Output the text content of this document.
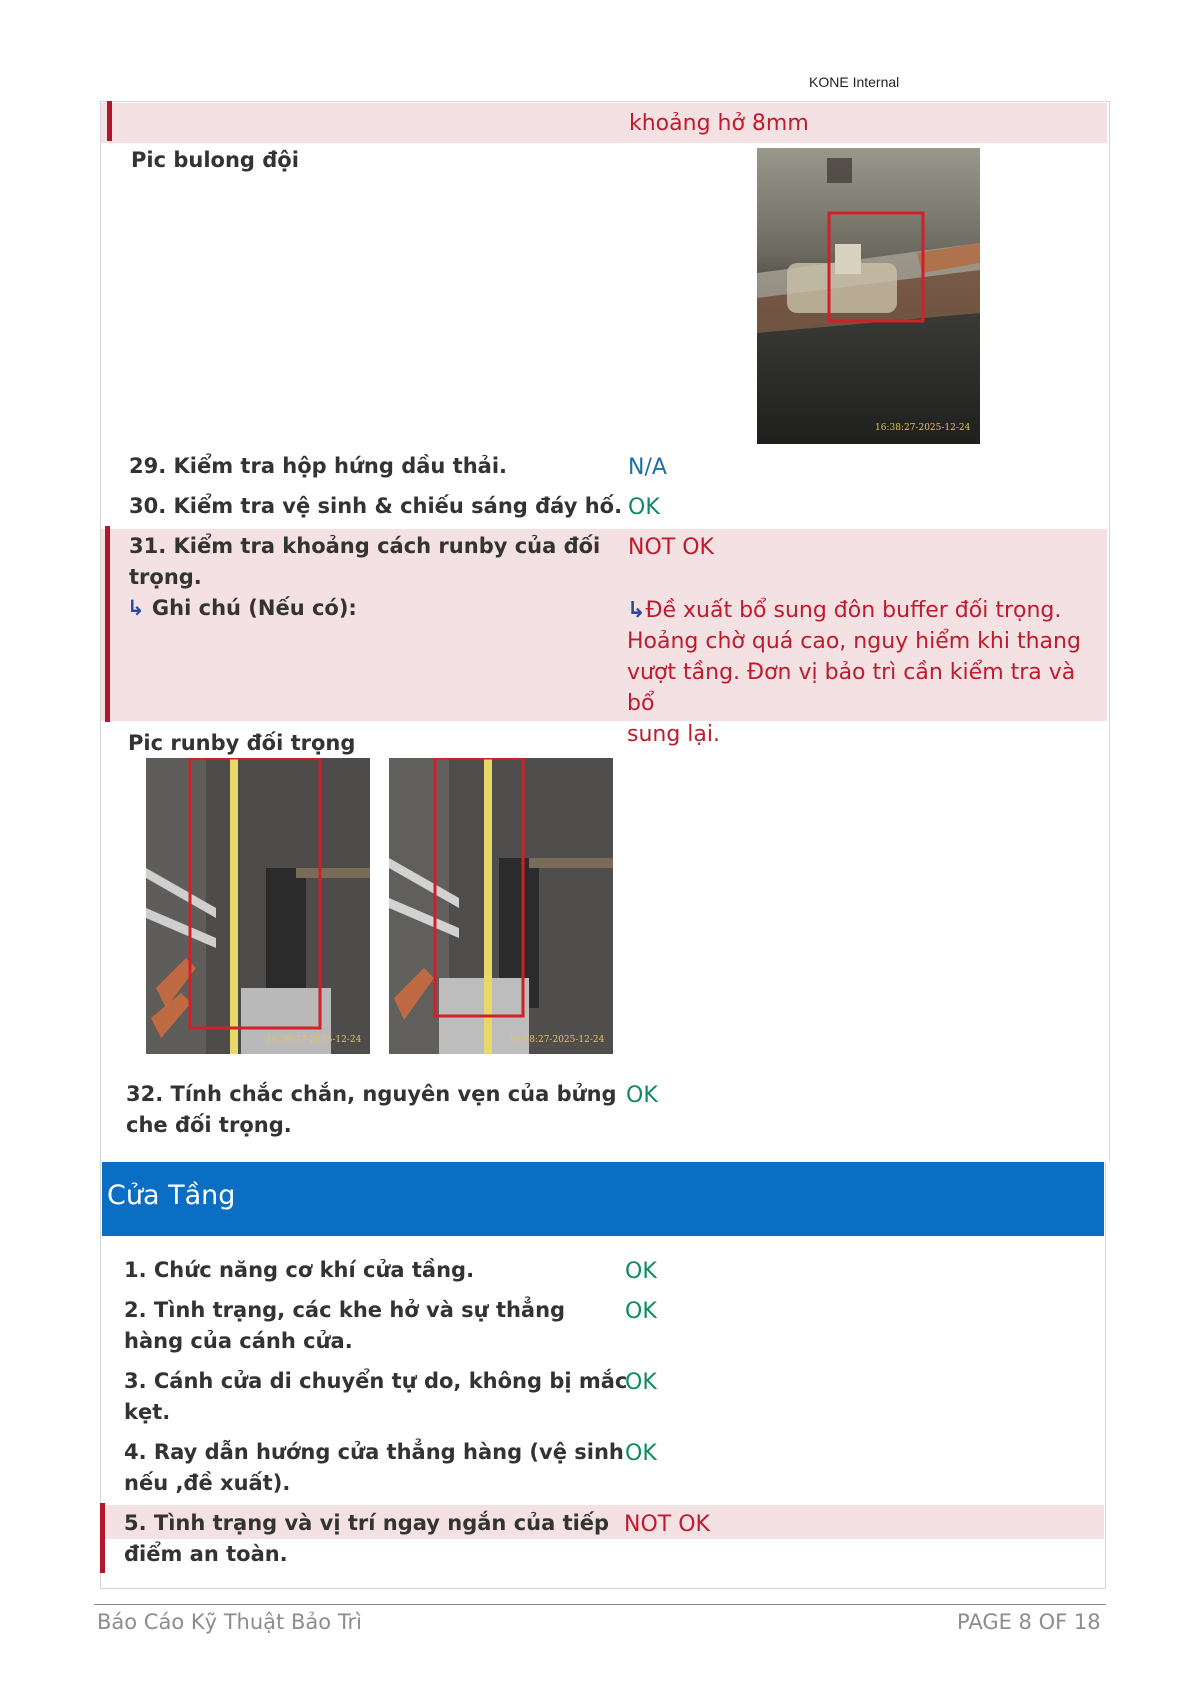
KONE Internal
khoảng hở 8mm
Pic bulong đội
16:38:27-2025-12-24
29. Kiểm tra hộp hứng dầu thải.	N/A
30. Kiểm tra vệ sinh & chiếu sáng đáy hố. OK
31. Kiểm tra khoảng cách runby của đối
trọng.
NOT OK
↳ Ghi chú (Nếu có):	↳Đề xuất bổ sung đôn buffer đối trọng.
Hoảng chờ quá cao, nguy hiểm khi thang
vượt tầng. Đơn vị bảo trì cần kiểm tra và bổ
sung lại.
Pic runby đối trọng
16:38:27-2025-12-24	16:38:27-2025-12-24
32. Tính chắc chắn, nguyên vẹn của bửng
che đối trọng.
OK
Cửa Tầng
1. Chức năng cơ khí cửa tầng.	OK
2. Tình trạng, các khe hở và sự thẳng
hàng của cánh cửa.
OK
3. Cánh cửa di chuyển tự do, không bị mắc
kẹt.
OK
4. Ray dẫn hướng cửa thẳng hàng (vệ sinh
nếu ,đề xuất).
OK
5. Tình trạng và vị trí ngay ngắn của tiếp
điểm an toàn.
NOT OK
Báo Cáo Kỹ Thuật Bảo Trì	PAGE 8 OF 18
